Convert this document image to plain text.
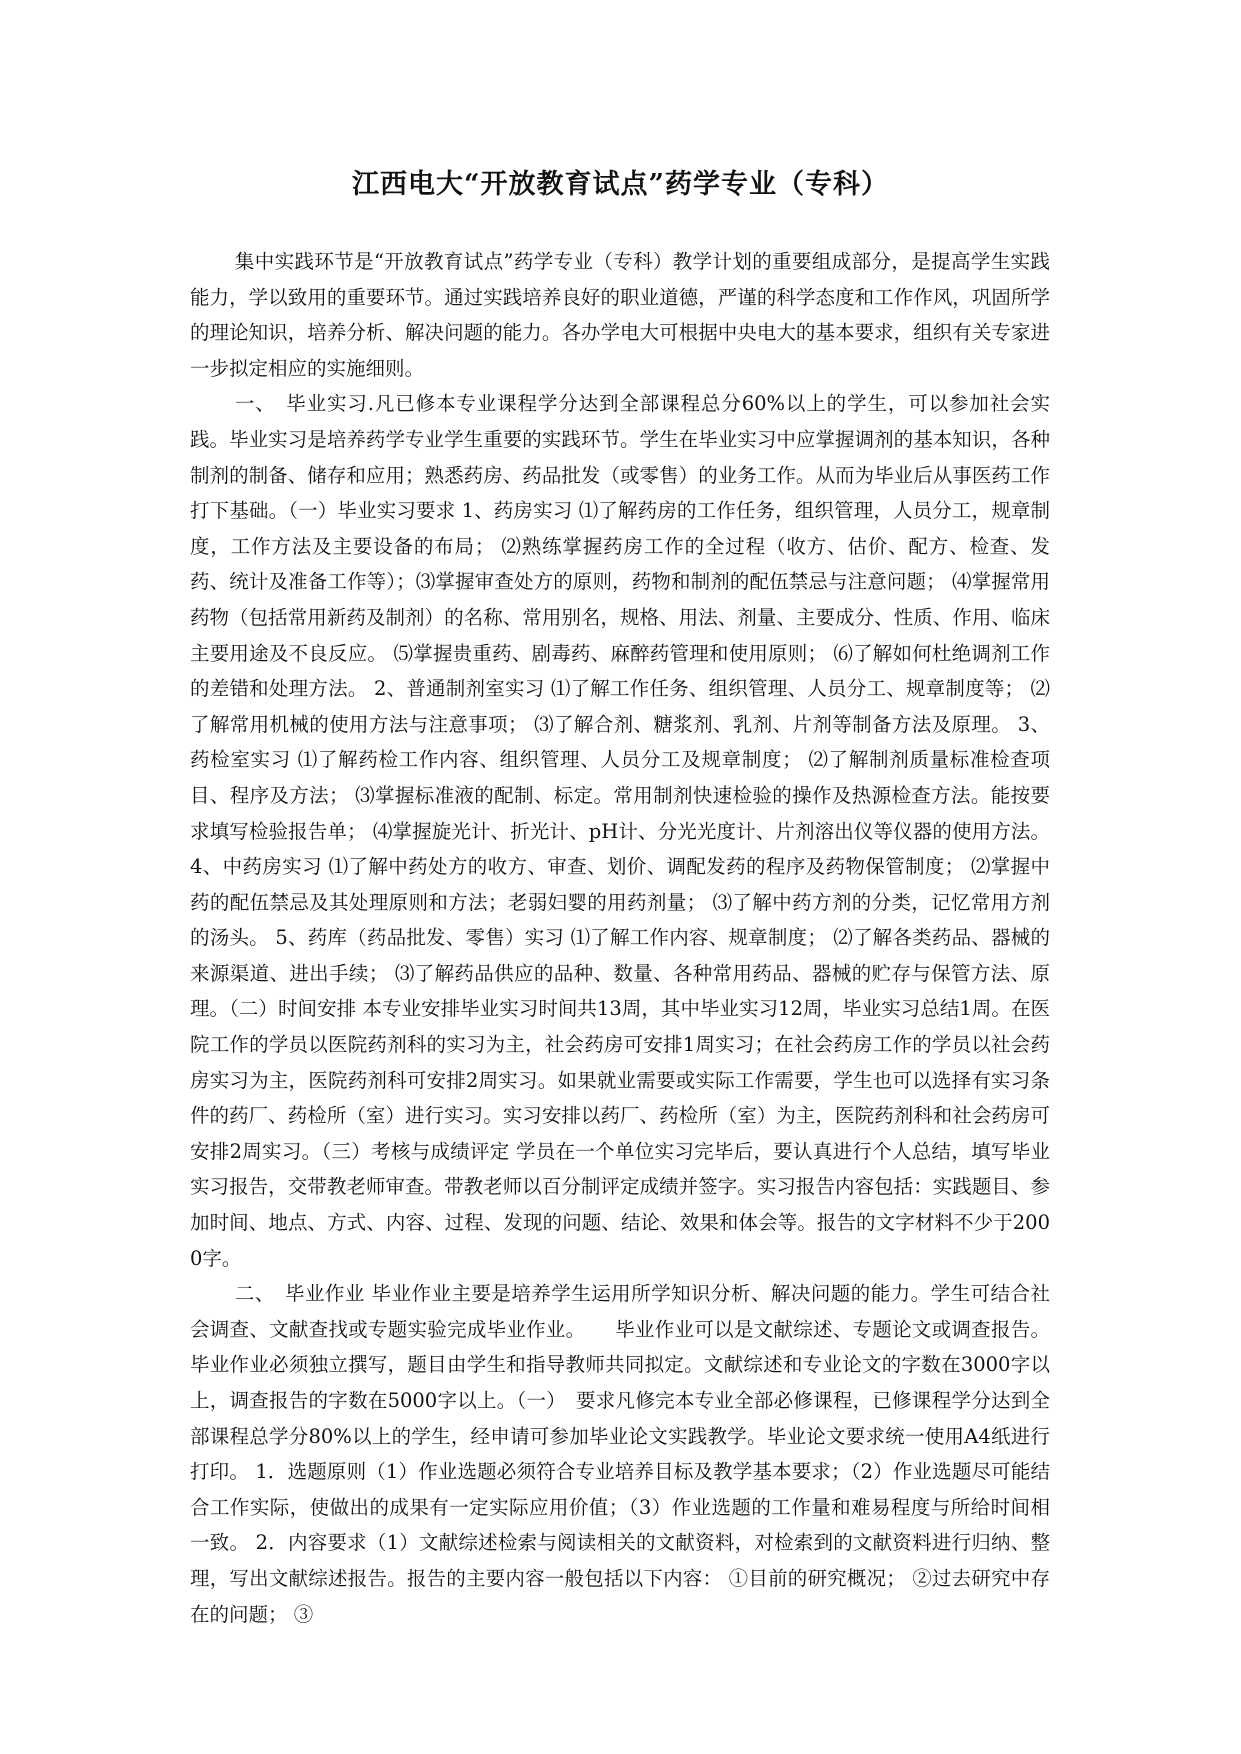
江西电大“开放教育试点”药学专业（专科）

集中实践环节是“开放教育试点”药学专业（专科）教学计划的重要组成部分，是提高学生实践能力，学以致用的重要环节。通过实践培养良好的职业道德，严谨的科学态度和工作作风，巩固所学的理论知识，培养分析、解决问题的能力。各办学电大可根据中央电大的基本要求，组织有关专家进一步拟定相应的实施细则。

一、　毕业实习.凡已修本专业课程学分达到全部课程总分60%以上的学生，可以参加社会实践。毕业实习是培养药学专业学生重要的实践环节。学生在毕业实习中应掌握调剂的基本知识，各种制剂的制备、储存和应用；熟悉药房、药品批发（或零售）的业务工作。从而为毕业后从事医药工作打下基础。（一）毕业实习要求 1、药房实习 ⑴了解药房的工作任务，组织管理，人员分工，规章制度，工作方法及主要设备的布局； ⑵熟练掌握药房工作的全过程（收方、估价、配方、检查、发药、统计及准备工作等）；⑶掌握审查处方的原则，药物和制剂的配伍禁忌与注意问题； ⑷掌握常用药物（包括常用新药及制剂）的名称、常用别名，规格、用法、剂量、主要成分、性质、作用、临床主要用途及不良反应。 ⑸掌握贵重药、剧毒药、麻醉药管理和使用原则； ⑹了解如何杜绝调剂工作的差错和处理方法。 2、普通制剂室实习 ⑴了解工作任务、组织管理、人员分工、规章制度等； ⑵了解常用机械的使用方法与注意事项； ⑶了解合剂、糖浆剂、乳剂、片剂等制备方法及原理。 3、药检室实习 ⑴了解药检工作内容、组织管理、人员分工及规章制度； ⑵了解制剂质量标准检查项目、程序及方法； ⑶掌握标准液的配制、标定。常用制剂快速检验的操作及热源检查方法。能按要求填写检验报告单； ⑷掌握旋光计、折光计、pH计、分光光度计、片剂溶出仪等仪器的使用方法。 4、中药房实习 ⑴了解中药处方的收方、审查、划价、调配发药的程序及药物保管制度； ⑵掌握中药的配伍禁忌及其处理原则和方法；老弱妇婴的用药剂量； ⑶了解中药方剂的分类，记忆常用方剂的汤头。 5、药库（药品批发、零售）实习 ⑴了解工作内容、规章制度； ⑵了解各类药品、器械的来源渠道、进出手续； ⑶了解药品供应的品种、数量、各种常用药品、器械的贮存与保管方法、原理。（二）时间安排 本专业安排毕业实习时间共13周，其中毕业实习12周，毕业实习总结1周。在医院工作的学员以医院药剂科的实习为主，社会药房可安排1周实习；在社会药房工作的学员以社会药房实习为主，医院药剂科可安排2周实习。如果就业需要或实际工作需要，学生也可以选择有实习条件的药厂、药检所（室）进行实习。实习安排以药厂、药检所（室）为主，医院药剂科和社会药房可安排2周实习。（三）考核与成绩评定 学员在一个单位实习完毕后，要认真进行个人总结，填写毕业实习报告，交带教老师审查。带教老师以百分制评定成绩并签字。实习报告内容包括：实践题目、参加时间、地点、方式、内容、过程、发现的问题、结论、效果和体会等。报告的文字材料不少于2000字。

二、　毕业作业 毕业作业主要是培养学生运用所学知识分析、解决问题的能力。学生可结合社会调查、文献查找或专题实验完成毕业作业。　　毕业作业可以是文献综述、专题论文或调查报告。毕业作业必须独立撰写，题目由学生和指导教师共同拟定。文献综述和专业论文的字数在3000字以上，调查报告的字数在5000字以上。（一）　要求凡修完本专业全部必修课程，已修课程学分达到全部课程总学分80%以上的学生，经申请可参加毕业论文实践教学。毕业论文要求统一使用A4纸进行打印。 1．选题原则（1）作业选题必须符合专业培养目标及教学基本要求；（2）作业选题尽可能结合工作实际，使做出的成果有一定实际应用价值；（3）作业选题的工作量和难易程度与所给时间相一致。 2．内容要求（1）文献综述检索与阅读相关的文献资料，对检索到的文献资料进行归纳、整理，写出文献综述报告。报告的主要内容一般包括以下内容： ①目前的研究概况； ②过去研究中存在的问题； ③
